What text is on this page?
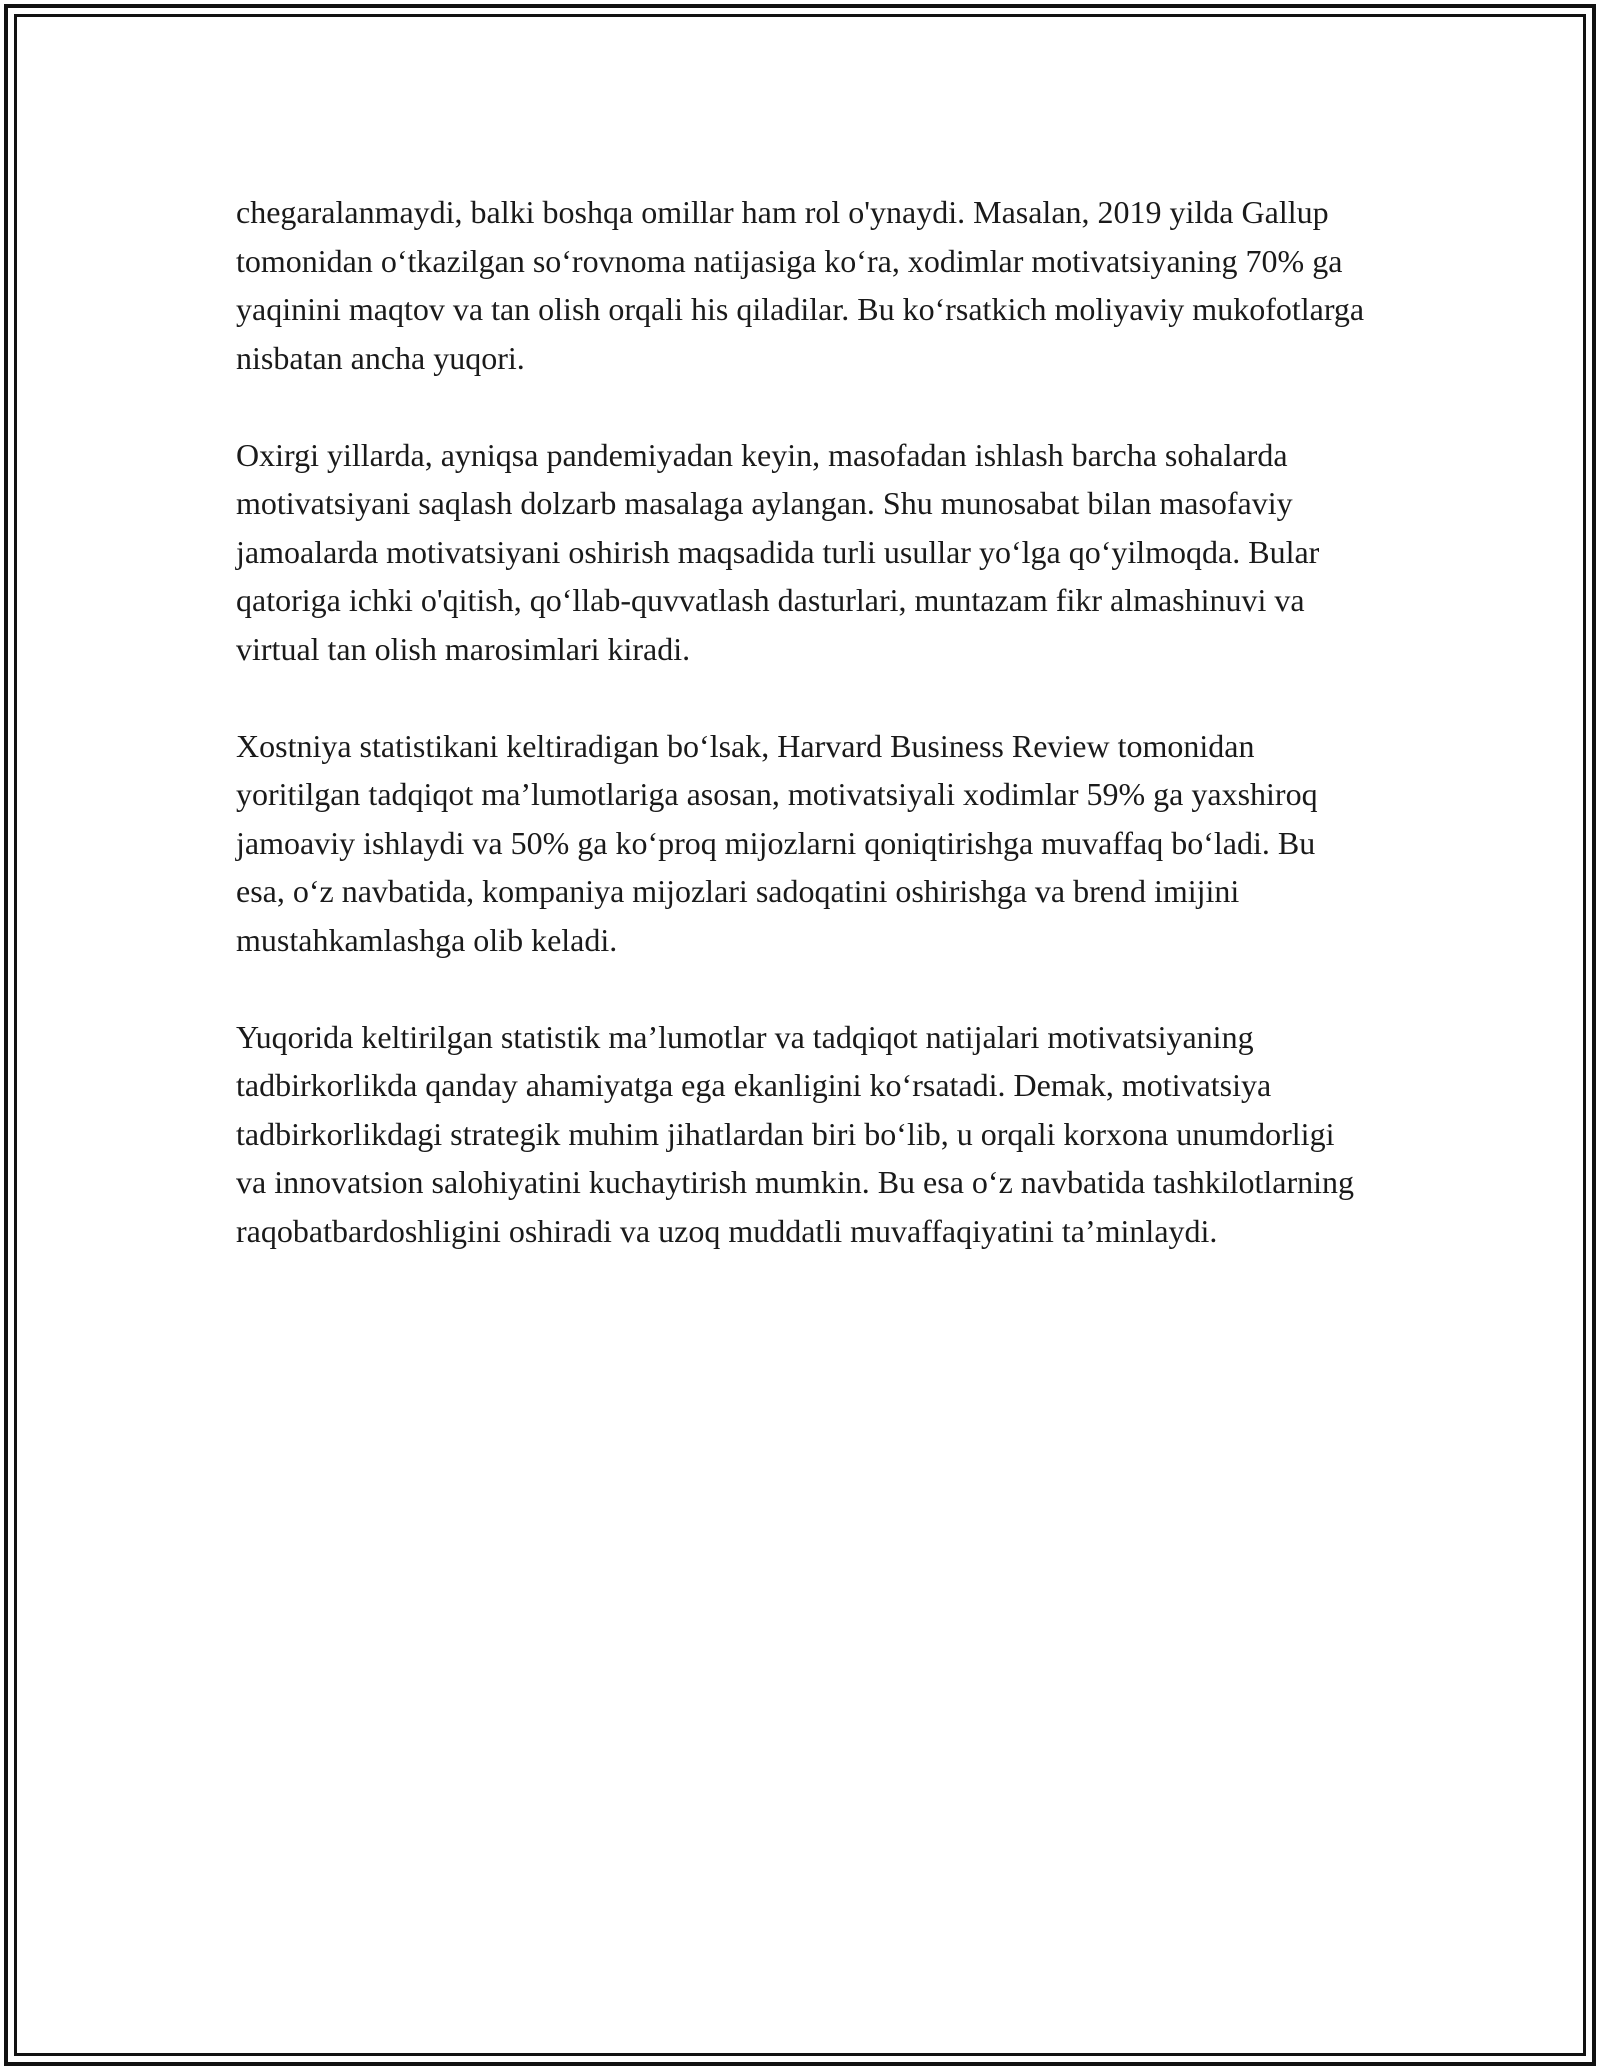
chegaralanmaydi, balki boshqa omillar ham rol o'ynaydi. Masalan, 2019 yilda Gallup tomonidan o‘tkazilgan so‘rovnoma natijasiga ko‘ra, xodimlar motivatsiyaning 70% ga yaqinini maqtov va tan olish orqali his qiladilar. Bu ko‘rsatkich moliyaviy mukofotlarga nisbatan ancha yuqori.

Oxirgi yillarda, ayniqsa pandemiyadan keyin, masofadan ishlash barcha sohalarda motivatsiyani saqlash dolzarb masalaga aylangan. Shu munosabat bilan masofaviy jamoalarda motivatsiyani oshirish maqsadida turli usullar yo‘lga qo‘yilmoqda. Bular qatoriga ichki o'qitish, qo‘llab-quvvatlash dasturlari, muntazam fikr almashinuvi va virtual tan olish marosimlari kiradi.

Xostniya statistikani keltiradigan bo‘lsak, Harvard Business Review tomonidan yoritilgan tadqiqot ma’lumotlariga asosan, motivatsiyali xodimlar 59% ga yaxshiroq jamoaviy ishlaydi va 50% ga ko‘proq mijozlarni qoniqtirishga muvaffaq bo‘ladi. Bu esa, o‘z navbatida, kompaniya mijozlari sadoqatini oshirishga va brend imijini mustahkamlashga olib keladi.

Yuqorida keltirilgan statistik ma’lumotlar va tadqiqot natijalari motivatsiyaning tadbirkorlikda qanday ahamiyatga ega ekanligini ko‘rsatadi. Demak, motivatsiya tadbirkorlikdagi strategik muhim jihatlardan biri bo‘lib, u orqali korxona unumdorligi va innovatsion salohiyatini kuchaytirish mumkin. Bu esa o‘z navbatida tashkilotlarning raqobatbardoshligini oshiradi va uzoq muddatli muvaffaqiyatini ta’minlaydi.
